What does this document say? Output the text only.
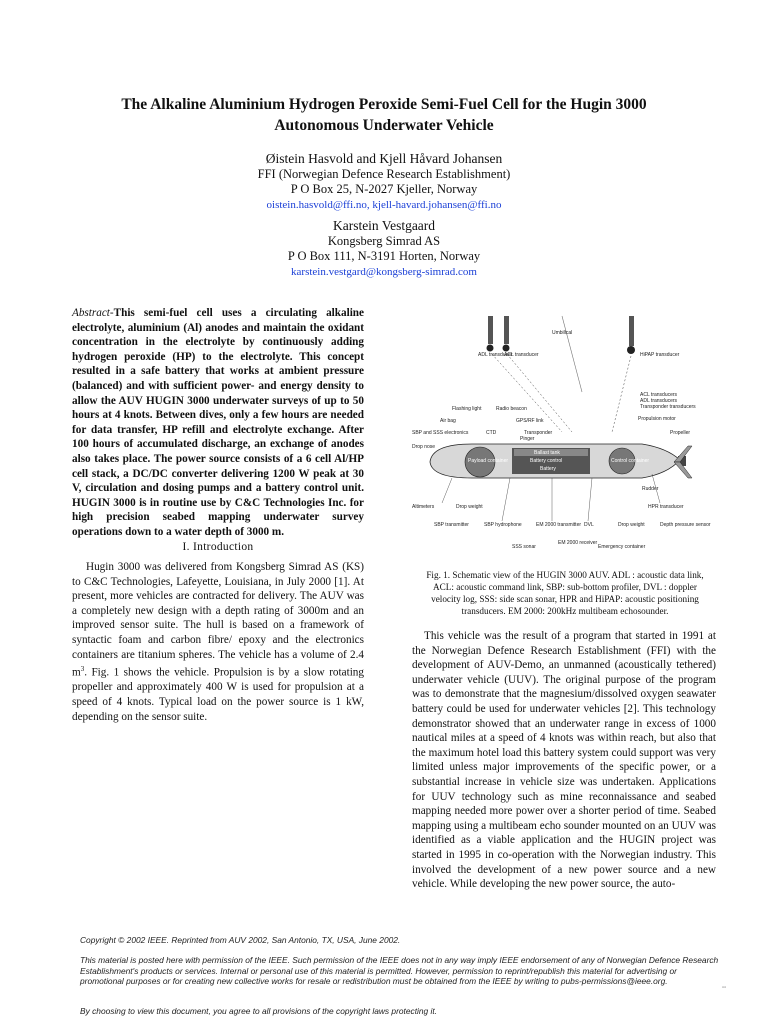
The Alkaline Aluminium Hydrogen Peroxide Semi-Fuel Cell for the Hugin 3000
Autonomous Underwater Vehicle
Øistein Hasvold and Kjell Håvard Johansen
FFI (Norwegian Defence Research Establishment)
P O Box 25, N-2027 Kjeller, Norway
oistein.hasvold@ffi.no, kjell-havard.johansen@ffi.no
Karstein Vestgaard
Kongsberg Simrad AS
P O Box 111, N-3191 Horten, Norway
karstein.vestgard@kongsberg-simrad.com
Abstract-This semi-fuel cell uses a circulating alkaline electrolyte, aluminium (Al) anodes and maintain the oxidant concentration in the electrolyte by continuously adding hydrogen peroxide (HP) to the electrolyte. This concept resulted in a safe battery that works at ambient pressure (balanced) and with sufficient power- and energy density to allow the AUV HUGIN 3000 underwater surveys of up to 50 hours at 4 knots. Between dives, only a few hours are needed for data transfer, HP refill and electrolyte exchange. After 100 hours of accumulated discharge, an exchange of anodes also takes place. The power source consists of a 6 cell Al/HP cell stack, a DC/DC converter delivering 1200 W peak at 30 V, circulation and dosing pumps and a battery control unit. HUGIN 3000 is in routine use by C&C Technologies Inc. for high precision seabed mapping underwater survey operations down to a water depth of 3000 m.
I. Introduction
Hugin 3000 was delivered from Kongsberg Simrad AS (KS) to C&C Technologies, Lafeyette, Louisiana, in July 2000 [1]. At present, more vehicles are contracted for delivery. The AUV was a completely new design with a depth rating of 3000m and an improved sensor suite. The hull is based on a framework of syntactic foam and carbon fibre/ epoxy and the electronics containers are titanium spheres. The vehicle has a volume of 2.4 $m^3$. Fig. 1 shows the vehicle. Propulsion is by a slow rotating propeller and approximately 400 W is used for propulsion at a speed of 4 knots. Typical load on the power source is 1 kW, depending on the sensor suite.
ADL transducer
ACL transducer
Umbilical
HiPAP transducer
ACL transducers
ADL transducers
Transponder transducers
Flashing light	Radio beacon
Air bag	GPS/RF link
SBP and SSS electronics	CTD	Transponder
Pinger
Propulsion motor
Propeller
Drop nose
Payload container
Ballast tank
Battery control
Battery
Control container
Rudder
Altimeters	Drop weight	HPR transducer
SBP transmitter	SBP hydrophone	EM 2000 transmitter DVL	Drop weight	Depth pressure sensor
SSS sonar
EM 2000 receiver
Emergency container
Fig. 1. Schematic view of the HUGIN 3000 AUV. ADL : acoustic data link, ACL: acoustic command link, SBP: sub-bottom profiler, DVL : doppler velocity log, SSS: side scan sonar, HPR and HiPAP: acoustic positioning transducers. EM 2000: 200kHz multibeam echosounder.
This vehicle was the result of a program that started in 1991 at the Norwegian Defence Research Establishment (FFI) with the development of AUV-Demo, an unmanned (acoustically tethered) underwater vehicle (UUV). The original purpose of the program was to demonstrate that the magnesium/dissolved oxygen seawater battery could be used for underwater vehicles [2]. This technology demonstrator showed that an underwater range in excess of 1000 nautical miles at a speed of 4 knots was within reach, but also that the maximum hotel load this battery system could support was very limited unless major improvements of the specific power, or a substantial increase in vehicle size was undertaken. Applications for UUV technology such as mine reconnaissance and seabed mapping needed more power over a shorter period of time. Seabed mapping using a multibeam echo sounder mounted on an UUV was identified as a viable application and the HUGIN project was started in 1995 in co-operation with the Norwegian industry. This involved the development of a new power source and a new vehicle. While developing the new power source, the auto-
Copyright © 2002 IEEE. Reprinted from AUV 2002, San Antonio, TX, USA, June 2002.
This material is posted here with permission of the IEEE. Such permission of the IEEE does not in any way imply IEEE endorsement of any of Norwegian Defence Research Establishment's products or services. Internal or personal use of this material is permitted. However, permission to reprint/republish this material for advertising or promotional purposes or for creating new collective works for resale or redistribution must be obtained from the IEEE by writing to pubs-permissions@ieee.org.
By choosing to view this document, you agree to all provisions of the copyright laws protecting it.
▫▫
